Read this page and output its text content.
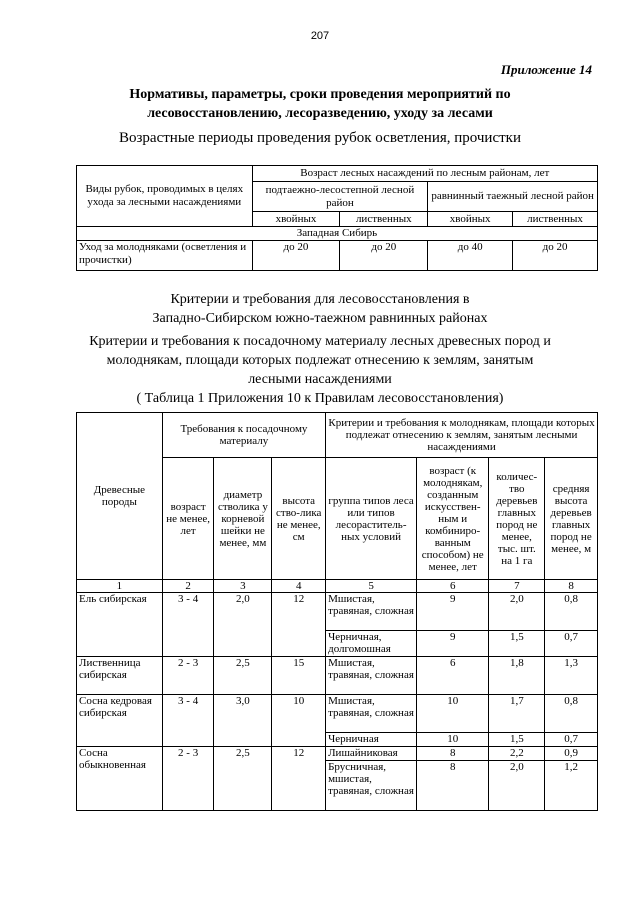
207
Приложение 14
Нормативы, параметры, сроки проведения мероприятий по
лесовосстановлению, лесоразведению, уходу за лесами
Возрастные периоды проведения рубок осветления, прочистки
Виды рубок, проводимых в целях ухода за лесными насаждениями	Возраст лесных насаждений по лесным районам, лет			
	подтаежно-лесостепной лесной район		равнинный таежный лесной район	
	хвойных	лиственных	хвойных	лиственных
Западная Сибирь				
Уход за молодняками (осветления и прочистки)	до 20	до 20	до 40	до 20
Критерии и требования для лесовосстановления в
Западно-Сибирском южно-таежном равнинных районах
Критерии и требования к посадочному материалу лесных древесных пород и
молоднякам, площади которых подлежат отнесению к землям, занятым
лесными насаждениями
( Таблица 1 Приложения 10 к Правилам лесовосстановления)
Древесные породы	Требования к посадочному материалу			Критерии и требования к молоднякам, площади которых подлежат отнесению к землям, занятым лесными насаждениями			
	возраст не менее, лет	диаметр стволика у корневой шейки не менее, мм	высота ство-лика не менее, см	группа типов леса или типов лесораститель-ных условий	возраст (к молоднякам, созданным искусствен-ным и комбиниро-ванным способом) не менее, лет	количес-тво деревьев главных пород не менее, тыс. шт. на 1 га	средняя высота деревьев главных пород не менее, м
1	2	3	4	5	6	7	8
Ель сибирская	3 - 4	2,0	12	Мшистая, травяная, сложная	9	2,0	0,8
				Черничная, долгомошная	9	1,5	0,7
Лиственница сибирская	2 - 3	2,5	15	Мшистая, травяная, сложная	6	1,8	1,3
Сосна кедровая сибирская	3 - 4	3,0	10	Мшистая, травяная, сложная	10	1,7	0,8
				Черничная	10	1,5	0,7
Сосна обыкновенная	2 - 3	2,5	12	Лишайниковая	8	2,2	0,9
				Брусничная, мшистая, травяная, сложная	8	2,0	1,2
